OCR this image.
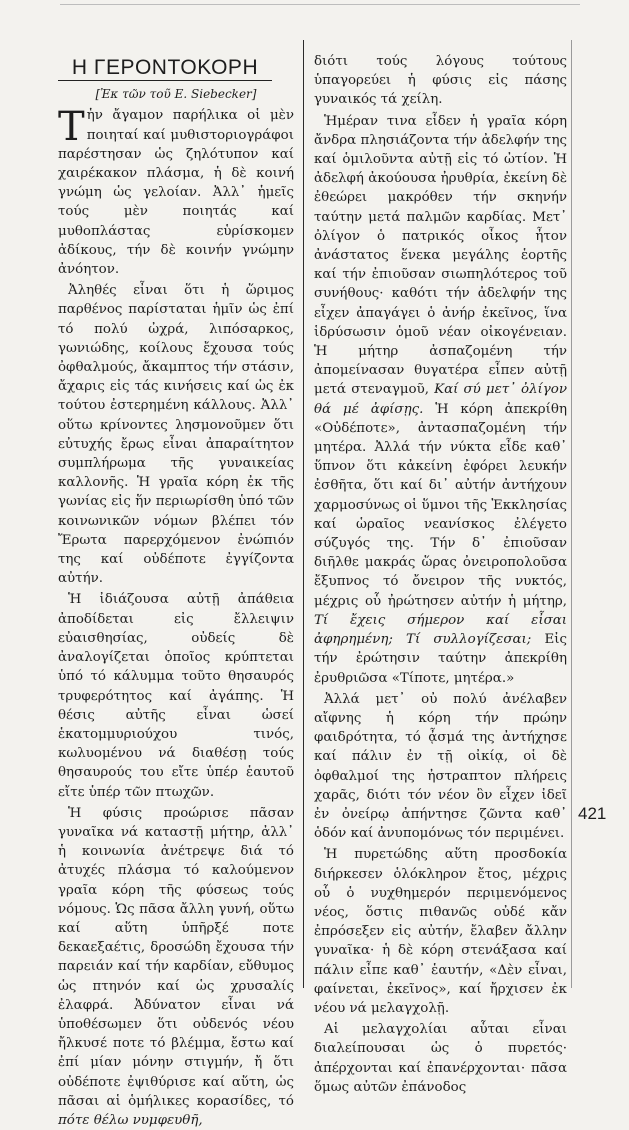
Η ΓΕΡΟΝΤΟΚΟΡΗ

[Ἐκ τῶν τοῦ E. Siebecker]

Τἡν ἄγαμον παρήλικα οἱ μὲν ποιηταί καί μυθιστοριογράφοι παρέστησαν ὡς ζηλότυπον καί χαιρέκακον πλάσμα, ἡ δὲ κοινή γνώμη ὡς γελοίαν. Ἀλλ᾿ ἡμεῖς τούς μὲν ποιητάς καί μυθοπλάστας εὑρίσκομεν ἀδίκους, τήν δὲ κοινήν γνώμην ἀνόητον.

Ἀληθές εἶναι ὅτι ἡ ὥριμος παρθένος παρίσταται ἡμῖν ὡς ἐπί τό πολύ ὠχρά, λιπόσαρκος, γωνιώδης, κοίλους ἔχουσα τούς ὀφθαλμούς, ἄκαμπτος τήν στάσιν, ἄχαρις εἰς τάς κινήσεις καί ὡς ἐκ τούτου ἐστερημένη κάλλους. Ἀλλ᾿ οὕτω κρίνοντες λησμονοῦμεν ὅτι εὐτυχής ἔρως εἶναι ἀπαραίτητον συμπλήρωμα τῆς γυναικείας καλλονῆς. Ἡ γραῖα κόρη ἐκ τῆς γωνίας εἰς ἥν περιωρίσθη ὑπό τῶν κοινωνικῶν νόμων βλέπει τόν Ἔρωτα παρερχόμενον ἐνώπιόν της καί οὐδέποτε ἐγγίζοντα αὐτήν.

Ἡ ἰδιάζουσα αὐτῇ ἀπάθεια ἀποδίδεται εἰς ἔλλειψιν εὐαισθησίας, οὐδείς δὲ ἀναλογίζεται ὁποῖος κρύπτεται ὑπό τό κάλυμμα τοῦτο θησαυρός τρυφερότητος καί ἀγάπης. Ἡ θέσις αὐτῆς εἶναι ὡσεί ἑκατομμυριούχου τινός, κωλυομένου νά διαθέσῃ τούς θησαυρούς του εἴτε ὑπέρ ἑαυτοῦ εἴτε ὑπέρ τῶν πτωχῶν.

Ἡ φύσις προώρισε πᾶσαν γυναῖκα νά καταστῇ μήτηρ, ἀλλ᾿ ἡ κοινωνία ἀνέτρεψε διά τό ἀτυχές πλάσμα τό καλούμενον γραῖα κόρη τῆς φύσεως τούς νόμους. Ὡς πᾶσα ἄλλη γυνή, οὕτω καί αὕτη ὑπῆρξέ ποτε δεκαεξαέτις, δροσώδη ἔχουσα τήν παρειάν καί τήν καρδίαν, εὔθυμος ὡς πτηνόν καί ὡς χρυσαλίς ἐλαφρά. Ἀδύνατον εἶναι νά ὑποθέσωμεν ὅτι οὐδενός νέου ἤλκυσέ ποτε τό βλέμμα, ἔστω καί ἐπί μίαν μόνην στιγμήν, ἤ ὅτι οὐδέποτε ἐψιθύρισε καί αὕτη, ὡς πᾶσαι αἱ ὁμήλικες κορασίδες, τό πότε θέλω νυμφευθῆ,

διότι τούς λόγους τούτους ὑπαγορεύει ἡ φύσις εἰς πάσης γυναικός τά χείλη.

Ἡμέραν τινα εἶδεν ἡ γραῖα κόρη ἄνδρα πλησιάζοντα τήν ἀδελφήν της καί ὁμιλοῦντα αὐτῇ εἰς τό ὠτίον. Ἡ ἀδελφή ἀκούουσα ἠρυθρία, ἐκείνη δὲ ἐθεώρει μακρόθεν τήν σκηνήν ταύτην μετά παλμῶν καρδίας. Μετ᾿ ὀλίγον ὁ πατρικός οἶκος ἦτον ἀνάστατος ἕνεκα μεγάλης ἑορτῆς καί τήν ἐπιοῦσαν σιωπηλότερος τοῦ συνήθους· καθότι τήν ἀδελφήν της εἶχεν ἀπαγάγει ὁ ἀνήρ ἐκεῖνος, ἵνα ἱδρύσωσιν ὁμοῦ νέαν οἰκογένειαν. Ἡ μήτηρ ἀσπαζομένη τήν ἀπομείνασαν θυγατέρα εἶπεν αὐτῇ μετά στεναγμοῦ, Καί σύ μετ᾿ ὀλίγον θά μέ ἀφίσῃς. Ἡ κόρη ἀπεκρίθη «Οὐδέποτε», ἀντασπαζομένη τήν μητέρα. Ἀλλά τήν νύκτα εἶδε καθ᾿ ὕπνον ὅτι κἀκείνη ἐφόρει λευκήν ἐσθῆτα, ὅτι καί δι᾿ αὐτήν ἀντήχουν χαρμοσύνως οἱ ὕμνοι τῆς Ἐκκλησίας καί ὡραῖος νεανίσκος ἐλέγετο σύζυγός της. Τήν δ᾿ ἐπιοῦσαν διῆλθε μακράς ὥρας ὀνειροπολοῦσα ἔξυπνος τό ὄνειρον τῆς νυκτός, μέχρις οὗ ἠρώτησεν αὐτήν ἡ μήτηρ, Τί ἔχεις σήμερον καί εἶσαι ἀφηρημένη; Τί συλλογίζεσαι; Εἰς τήν ἐρώτησιν ταύτην ἀπεκρίθη ἐρυθριῶσα «Τίποτε, μητέρα.»

Ἀλλά μετ᾿ οὐ πολύ ἀνέλαβεν αἴφνης ἡ κόρη τήν πρώην φαιδρότητα, τό ᾆσμά της ἀντήχησε καί πάλιν ἐν τῇ οἰκίᾳ, οἱ δὲ ὀφθαλμοί της ἠστραπτον πλήρεις χαρᾶς, διότι τόν νέον ὃν εἶχεν ἰδεῖ ἐν ὀνείρῳ ἀπήντησε ζῶντα καθ᾿ ὁδόν καί ἀνυπομόνως τόν περιμένει.

Ἡ πυρετώδης αὕτη προσδοκία διήρκεσεν ὁλόκληρον ἔτος, μέχρις οὗ ὁ νυχθημερόν περιμενόμενος νέος, ὅστις πιθανῶς οὐδέ κἄν ἐπρόσεξεν εἰς αὐτήν, ἔλαβεν ἄλλην γυναῖκα· ἡ δὲ κόρη στενάξασα καί πάλιν εἶπε καθ᾿ ἑαυτήν, «Δὲν εἶναι, φαίνεται, ἐκεῖνος», καί ἤρχισεν ἐκ νέου νά μελαγχολῇ.

Αἱ μελαγχολίαι αὗται εἶναι διαλείπουσαι ὡς ὁ πυρετός· ἀπέρχονται καί ἐπανέρχονται· πᾶσα ὅμως αὐτῶν ἐπάνοδος

421
